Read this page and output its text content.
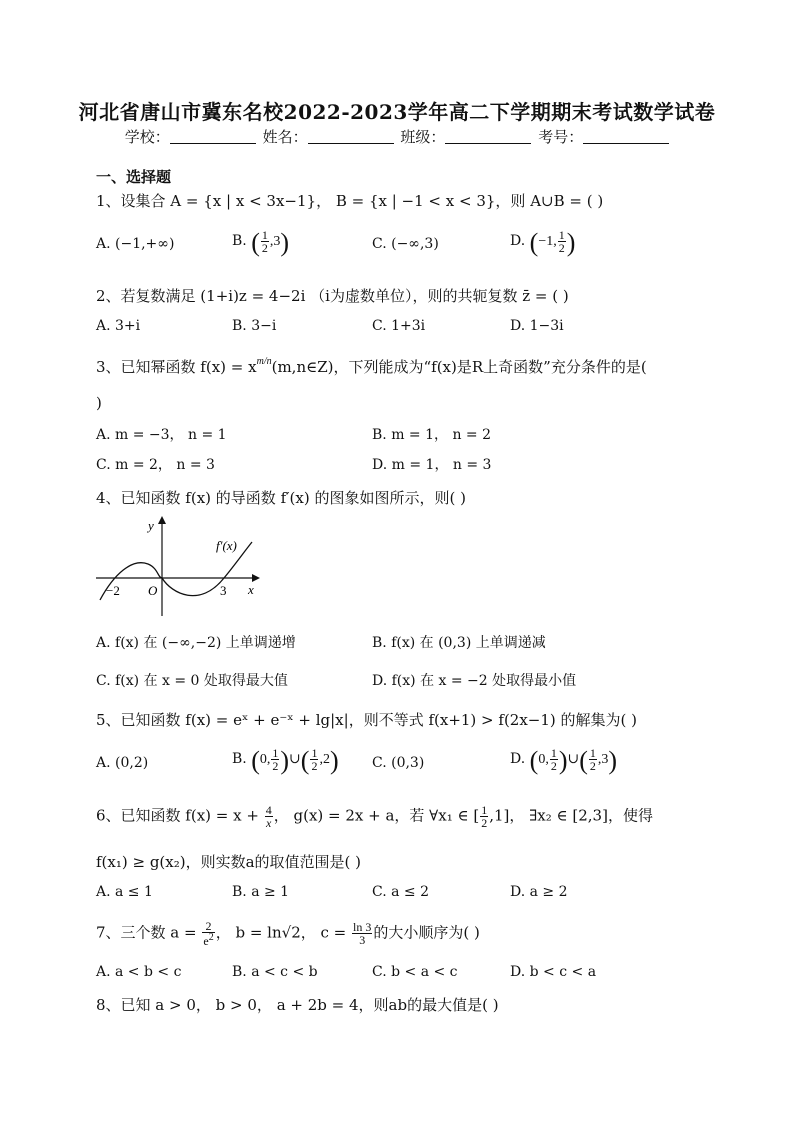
河北省唐山市冀东名校2022-2023学年高二下学期期末考试数学试卷
学校：	姓名：	班级：	考号：
一、选择题
1、设集合 A = {x | x < 3x−1}， B = {x | −1 < x < 3}，则 A∪B = ( )
A. (−1,+∞)	B. ( $\frac{1}{2} ,3$)	C. (−∞,3)	D. (−1, $\frac{1}{2}$ )
2、若复数满足 (1+i)z = 4−2i （i为虚数单位），则的共轭复数 z̄ = ( )
A. 3+i	B. 3−i	C. 1+3i	D. 1−3i
3、已知幂函数 $f(x) = x^{m/n}(m,n\in Z)$，下列能成为“f(x)是R上奇函数”充分条件的是(
)
A. m = −3， n = 1	B. m = 1， n = 2
C. m = 2， n = 3	D. m = 1， n = 3
4、已知函数 f(x) 的导函数 f′(x) 的图象如图所示，则( )
y
x
f′(x)
−2 O	3
A. f(x) 在 (−∞,−2) 上单调递增	B. f(x) 在 (0,3) 上单调递减
C. f(x) 在 x = 0 处取得最大值	D. f(x) 在 x = −2 处取得最小值
5、已知函数 f(x) = eˣ + e⁻ˣ + lg|x|，则不等式 f(x+1) > f(2x−1) 的解集为( )
A. (0,2)	B. (0, $\frac{1}{2}$ )∪( $\frac{1}{2} ,2$) C. (0,3)	D. (0, $\frac{1}{2}$ )∪( $\frac{1}{2} ,3$)
6、已知函数 $f(x) = x + \frac{4}{x}$ ， g(x) = 2x + a，若 ∀x₁ ∈ [ $\frac{1}{2} ,1$]， ∃x₂ ∈ [2,3]，使得
f(x₁) ≥ g(x₂)，则实数a的取值范围是( )
A. a ≤ 1	B. a ≥ 1	C. a ≤ 2	D. a ≥ 2
7、三个数 $a = \frac{2}{e^2}$ ， b = ln√2， $c = \frac{\ln 3}{3}$ 的大小顺序为( )
A. a < b < c	B. a < c < b	C. b < a < c	D. b < c < a
8、已知 a > 0， b > 0， a + 2b = 4，则ab的最大值是( )
